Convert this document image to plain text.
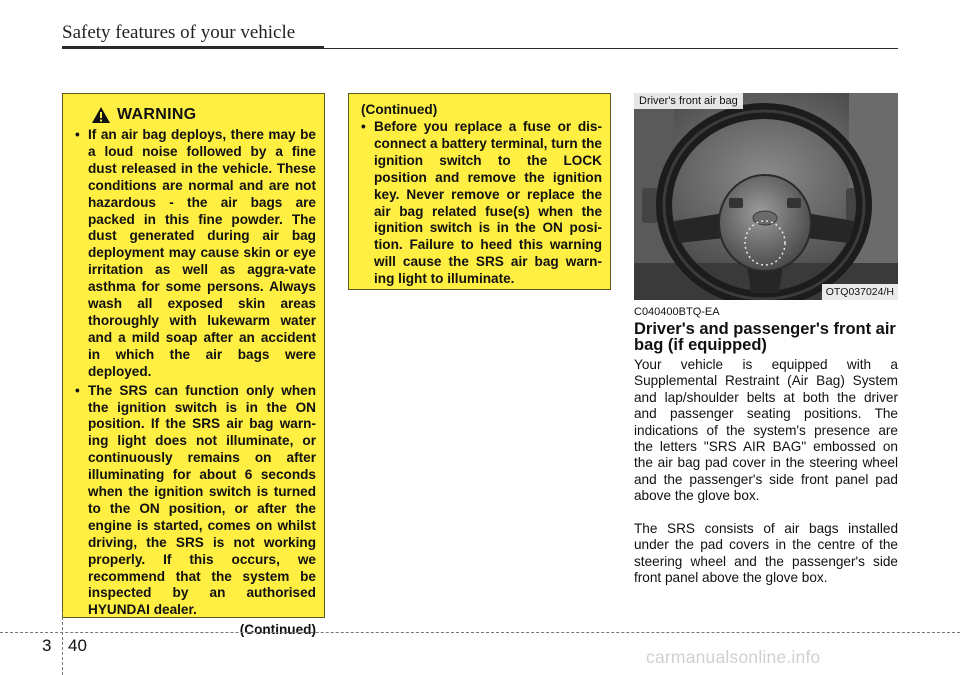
Safety features of your vehicle
WARNING
• If an air bag deploys, there may be a loud noise followed by a fine dust released in the vehicle. These conditions are normal and are not hazardous - the air bags are packed in this fine powder. The dust generated during air bag deployment may cause skin or eye irritation as well as aggra-vate asthma for some persons. Always wash all exposed skin areas thoroughly with lukewarm water and a mild soap after an accident in which the air bags were deployed.
• The SRS can function only when the ignition switch is in the ON position. If the SRS air bag warn-ing light does not illuminate, or continuously remains on after illuminating for about 6 seconds when the ignition switch is turned to the ON position, or after the engine is started, comes on whilst driving, the SRS is not working properly. If this occurs, we recommend that the system be inspected by an authorised HYUNDAI dealer.
(Continued)
(Continued)
• Before you replace a fuse or dis-connect a battery terminal, turn the ignition switch to the LOCK position and remove the ignition key. Never remove or replace the air bag related fuse(s) when the ignition switch is in the ON posi-tion. Failure to heed this warning will cause the SRS air bag warn-ing light to illuminate.
Driver's front air bag
OTQ037024/H
C040400BTQ-EA
Driver's and passenger's front air bag (if equipped)

Your vehicle is equipped with a Supplemental Restraint (Air Bag) System and lap/shoulder belts at both the driver and passenger seating positions. The indications of the system's presence are the letters "SRS AIR BAG" embossed on the air bag pad cover in the steering wheel and the passenger's side front panel pad above the glove box.

The SRS consists of air bags installed under the pad covers in the centre of the steering wheel and the passenger's side front panel above the glove box.

3 40
carmanualsonline.info
